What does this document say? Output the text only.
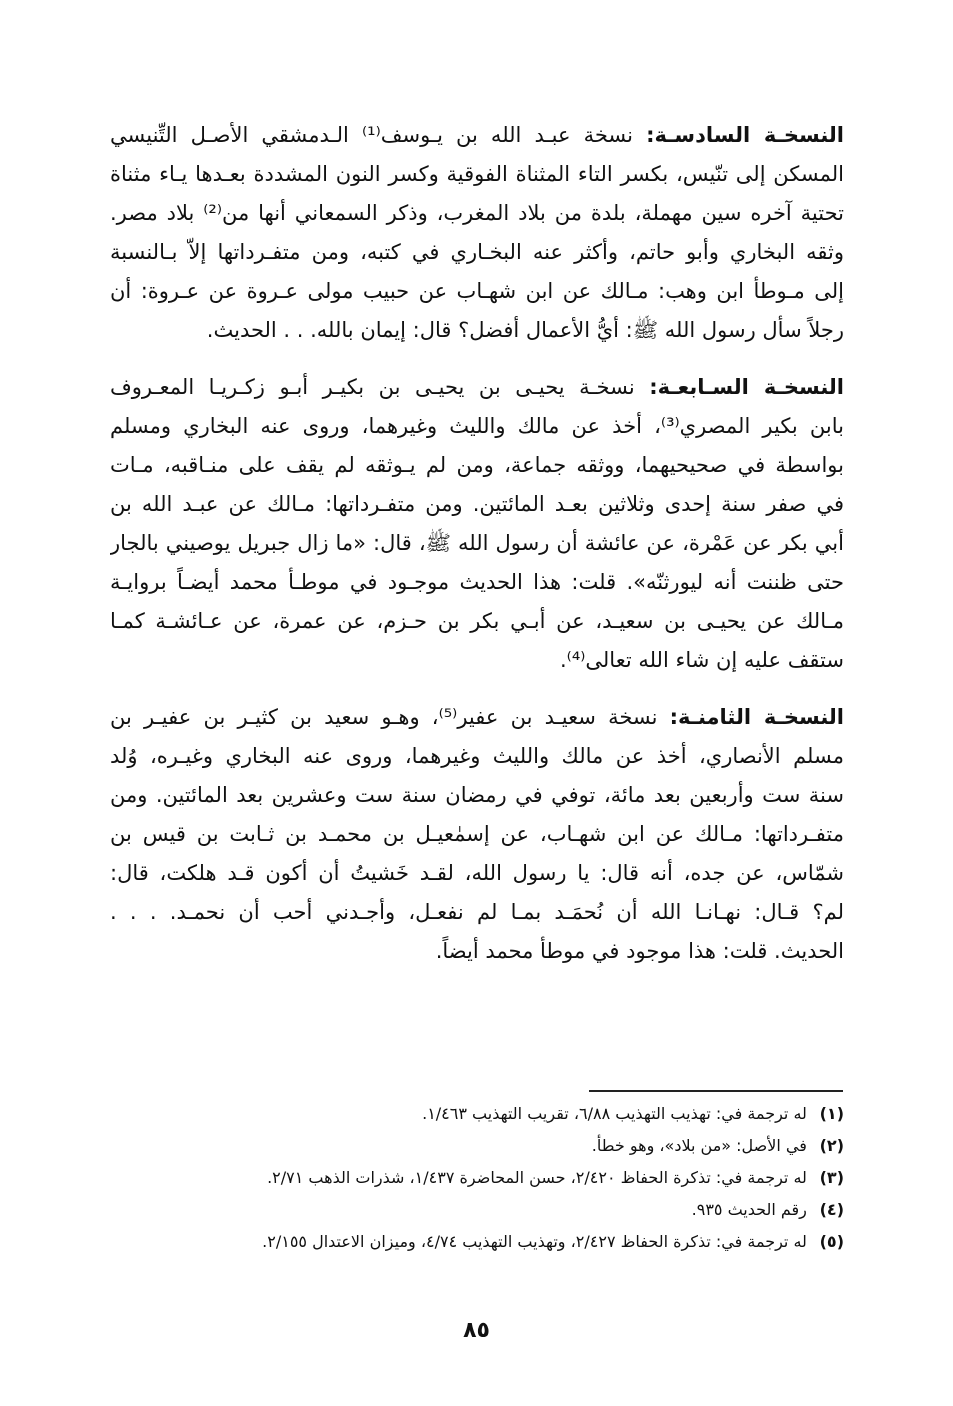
النسخـة السادسـة: نسخة عبـد الله بن يـوسف⁽¹⁾ الـدمشقي الأصـل التِّنيسي
المسكن إلى تنّيس، بكسر التاء المثناة الفوقية وكسر النون المشددة بعـدها يـاء مثناة
تحتية آخره سين مهملة، بلدة من بلاد المغرب، وذكر السمعاني أنها من⁽²⁾ بلاد مصر.
وثقه البخاري وأبو حاتم، وأكثر عنه البخـاري في كتبه، ومن متفـرداتها إلاّ بـالنسبة
إلى مـوطأ ابن وهب: مـالك عن ابن شهـاب عن حبيب مولى عـروة عن عـروة: أن
رجلاً سأل رسول الله ﷺ: أيُّ الأعمال أفضل؟ قال: إيمان بالله. . . الحديث.
النسخـة السـابعـة: نسخـة يحيـى بن يحيـى بن بكيـر أبـو زكـريـا المعـروف
بابن بكير المصري⁽³⁾، أخذ عن مالك والليث وغيرهما، وروى عنه البخاري ومسلم
بواسطة في صحيحيهما، ووثقه جماعة، ومن لم يـوثقه لم يقف على منـاقبه، مـات
في صفر سنة إحدى وثلاثين بعـد المائتين. ومن متفـرداتها: مـالك عن عبـد الله بن
أبي بكر عن عَمْرة، عن عائشة أن رسول الله ﷺ، قال: «ما زال جبريل يوصيني بالجار
حتى ظننت أنه ليورثنّه». قلت: هذا الحديث موجـود في موطـأ محمد أيضـاً بروايـة
مـالك عن يحيـى بن سعيـد، عن أبـي بكر بن حـزم، عن عمرة، عن عـائشـة كمـا
ستقف عليه إن شاء الله تعالى⁽⁴⁾.
النسخـة الثامنـة: نسخة سعيـد بن عفير⁽⁵⁾، وهـو سعيد بن كثيـر بن عفيـر بن
مسلم الأنصاري، أخذ عن مالك والليث وغيرهما، وروى عنه البخاري وغيـره، وُلد
سنة ست وأربعين بعد مائة، توفي في رمضان سنة ست وعشرين بعد المائتين. ومن
متفـرداتها: مـالك عن ابن شهـاب، عن إسمٰعيـل بن محمـد بن ثـابت بن قيس بن
شمّاس، عن جده، أنه قال: يا رسول الله، لقـد خَشيتُ أن أكون قـد هلكت، قال:
لم؟ قـال: نهـانـا الله أن نُحمَـد بمـا لم نفعـل، وأجـدني أحب أن نحمـد. . . .
الحديث. قلت: هذا موجود في موطأ محمد أيضاً.
(١) له ترجمة في: تهذيب التهذيب ٦/٨٨، تقريب التهذيب ١/٤٦٣.
(٢) في الأصل: «من بلاد»، وهو خطأ.
(٣) له ترجمة في: تذكرة الحفاظ ٢/٤٢٠، حسن المحاضرة ١/٤٣٧، شذرات الذهب ٢/٧١.
(٤) رقم الحديث ٩٣٥.
(٥) له ترجمة في: تذكرة الحفاظ ٢/٤٢٧، وتهذيب التهذيب ٤/٧٤، وميزان الاعتدال ٢/١٥٥.
٨٥
